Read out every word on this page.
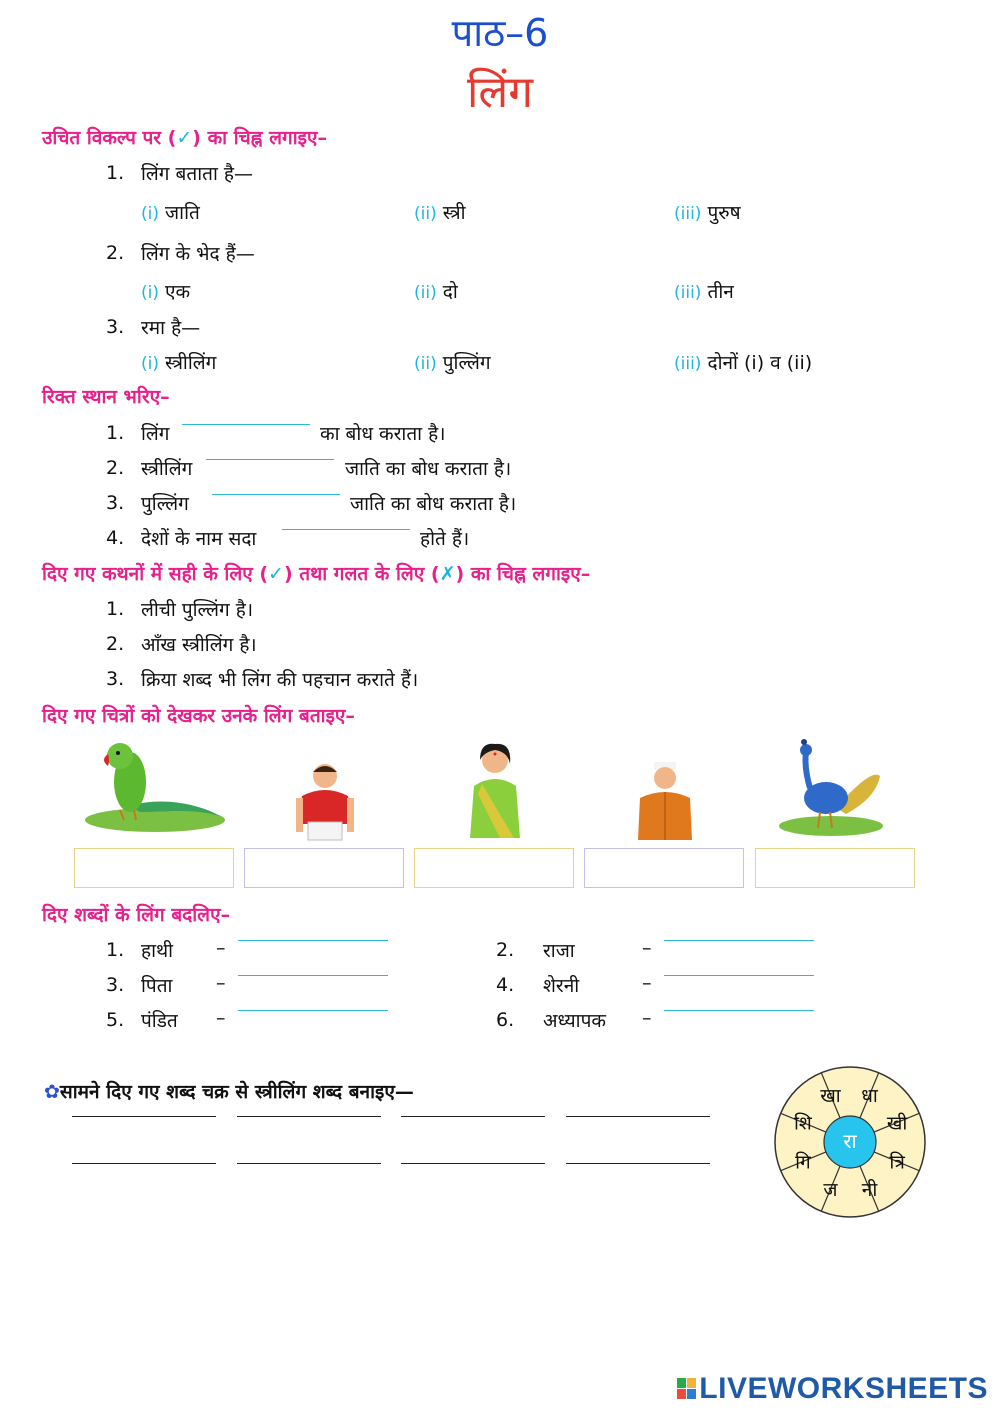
पाठ–6
लिंग
उचित विकल्प पर (✓) का चिह्न लगाइए–
1. लिंग बताता है—
(i) जाति	(ii) स्त्री	(iii) पुरुष
2. लिंग के भेद हैं—
(i) एक	(ii) दो	(iii) तीन
3. रमा है—
(i) स्त्रीलिंग	(ii) पुल्लिंग	(iii) दोनों (i) व (ii)
रिक्त स्थान भरिए–
1. लिंग	का बोध कराता है।
2. स्त्रीलिंग	जाति का बोध कराता है।
3. पुल्लिंग	जाति का बोध कराता है।
4. देशों के नाम सदा	होते हैं।
दिए गए कथनों में सही के लिए (✓) तथा गलत के लिए (✗) का चिह्न लगाइए–
1. लीची पुल्लिंग है।
2. आँख स्त्रीलिंग है।
3. क्रिया शब्द भी लिंग की पहचान कराते हैं।
दिए गए चित्रों को देखकर उनके लिंग बताइए–
दिए शब्दों के लिंग बदलिए–
1. हाथी –	2. राजा	–
3. पिता –	4. शेरनी	–
5. पंडित –	6. अध्यापक –
✿सामने दिए गए शब्द चक्र से स्त्रीलिंग शब्द बनाइए—
रा
धा
खी
त्रि
नी
ज
गि
शि
खा
LIVEWORKSHEETS
